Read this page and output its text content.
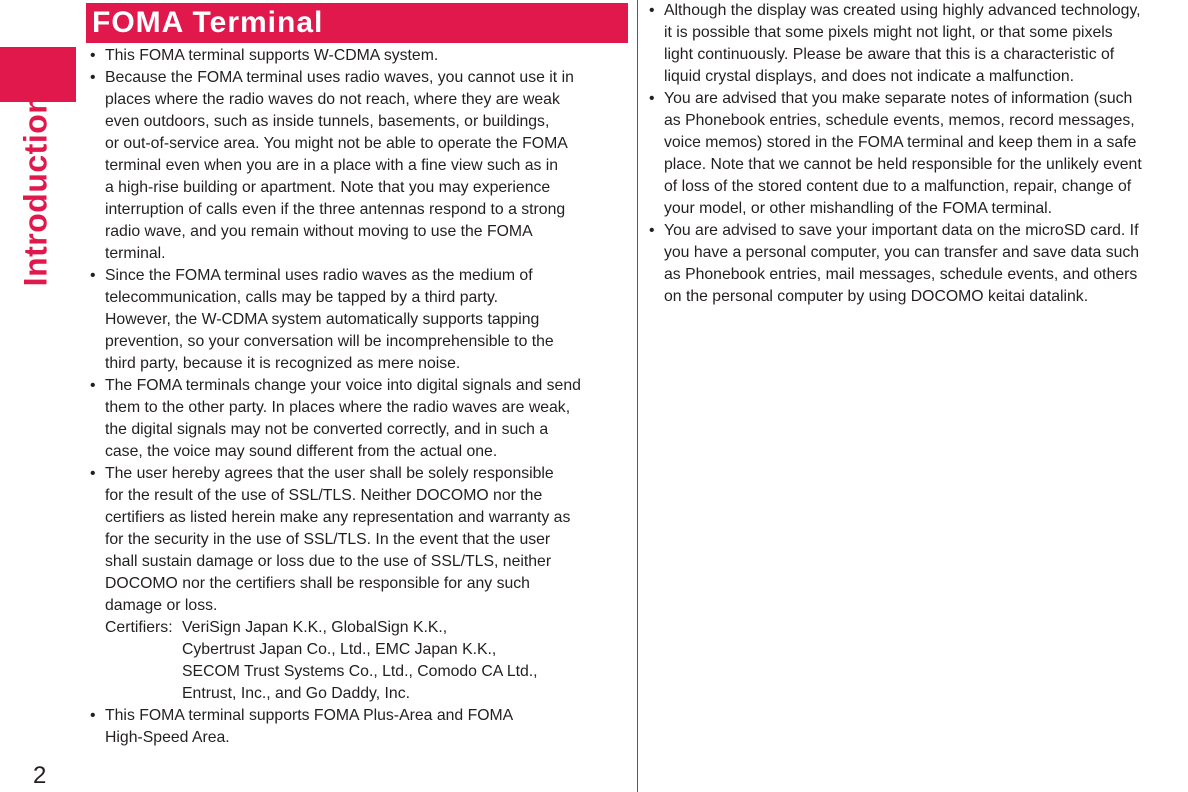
Introduction
2
FOMA Terminal
• This FOMA terminal supports W-CDMA system.
• Because the FOMA terminal uses radio waves, you cannot use it in
places where the radio waves do not reach, where they are weak
even outdoors, such as inside tunnels, basements, or buildings,
or out-of-service area. You might not be able to operate the FOMA
terminal even when you are in a place with a fine view such as in
a high-rise building or apartment. Note that you may experience
interruption of calls even if the three antennas respond to a strong
radio wave, and you remain without moving to use the FOMA
terminal.
• Since the FOMA terminal uses radio waves as the medium of
telecommunication, calls may be tapped by a third party.
However, the W-CDMA system automatically supports tapping
prevention, so your conversation will be incomprehensible to the
third party, because it is recognized as mere noise.
• The FOMA terminals change your voice into digital signals and send
them to the other party. In places where the radio waves are weak,
the digital signals may not be converted correctly, and in such a
case, the voice may sound different from the actual one.
• The user hereby agrees that the user shall be solely responsible
for the result of the use of SSL/TLS. Neither DOCOMO nor the
certifiers as listed herein make any representation and warranty as
for the security in the use of SSL/TLS. In the event that the user
shall sustain damage or loss due to the use of SSL/TLS, neither
DOCOMO nor the certifiers shall be responsible for any such
damage or loss.
Certifiers: VeriSign Japan K.K., GlobalSign K.K.,
Cybertrust Japan Co., Ltd., EMC Japan K.K.,
SECOM Trust Systems Co., Ltd., Comodo CA Ltd.,
Entrust, Inc., and Go Daddy, Inc.
• This FOMA terminal supports FOMA Plus-Area and FOMA
High-Speed Area.
• Although the display was created using highly advanced technology,
it is possible that some pixels might not light, or that some pixels
light continuously. Please be aware that this is a characteristic of
liquid crystal displays, and does not indicate a malfunction.
• You are advised that you make separate notes of information (such
as Phonebook entries, schedule events, memos, record messages,
voice memos) stored in the FOMA terminal and keep them in a safe
place. Note that we cannot be held responsible for the unlikely event
of loss of the stored content due to a malfunction, repair, change of
your model, or other mishandling of the FOMA terminal.
• You are advised to save your important data on the microSD card. If
you have a personal computer, you can transfer and save data such
as Phonebook entries, mail messages, schedule events, and others
on the personal computer by using DOCOMO keitai datalink.
